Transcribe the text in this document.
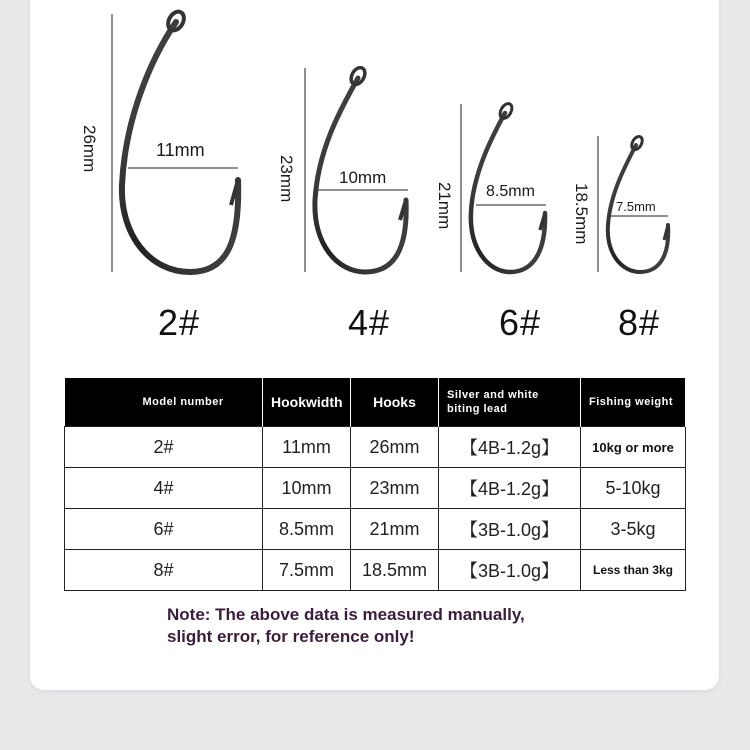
26mm
23mm
21mm	18.5mm
11mm
10mm
8.5mm
7.5mm
2#	4#	6# 8#
Model number	Hookwidth	Hooks	Silver and white biting lead	Fishing weight
2#	11mm	26mm	【4B-1.2g】	10kg or more
4#	10mm	23mm	【4B-1.2g】	5-10kg
6#	8.5mm	21mm	【3B-1.0g】	3-5kg
8#	7.5mm	18.5mm	【3B-1.0g】	Less than 3kg
Note: The above data is measured manually,
slight error, for reference only!
